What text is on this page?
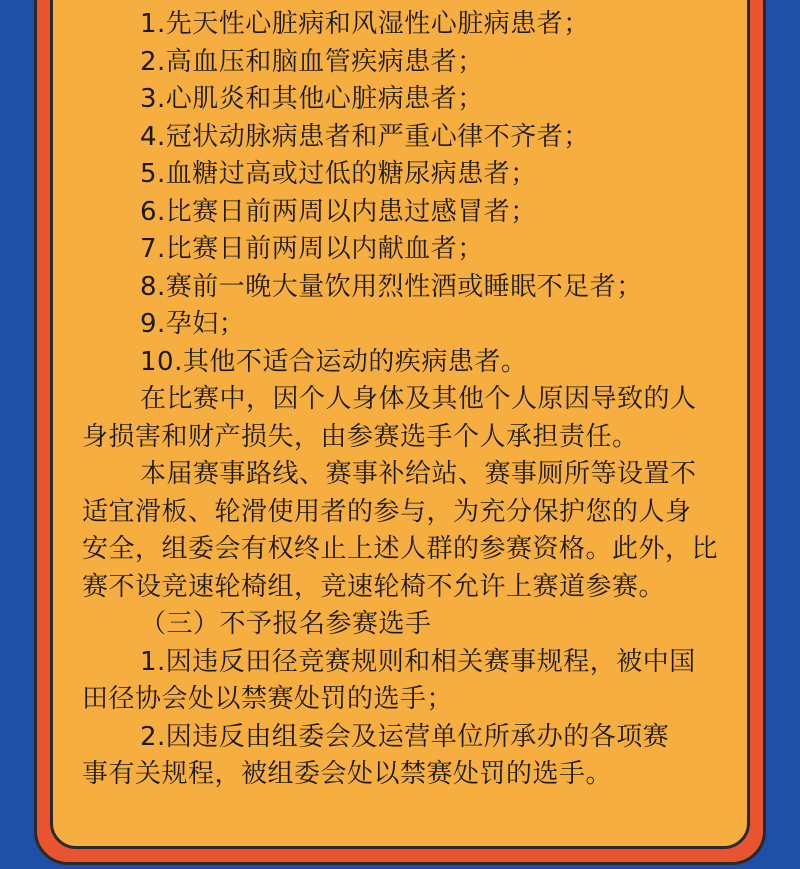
1.先天性心脏病和风湿性心脏病患者；

2.高血压和脑血管疾病患者；

3.心肌炎和其他心脏病患者；

4.冠状动脉病患者和严重心律不齐者；

5.血糖过高或过低的糖尿病患者；

6.比赛日前两周以内患过感冒者；

7.比赛日前两周以内献血者；

8.赛前一晚大量饮用烈性酒或睡眠不足者；

9.孕妇；

10.其他不适合运动的疾病患者。

在比赛中，因个人身体及其他个人原因导致的人

身损害和财产损失，由参赛选手个人承担责任。

本届赛事路线、赛事补给站、赛事厕所等设置不

适宜滑板、轮滑使用者的参与，为充分保护您的人身

安全，组委会有权终止上述人群的参赛资格。此外，比

赛不设竞速轮椅组，竞速轮椅不允许上赛道参赛。

（三）不予报名参赛选手

1.因违反田径竞赛规则和相关赛事规程，被中国

田径协会处以禁赛处罚的选手；

2.因违反由组委会及运营单位所承办的各项赛

事有关规程，被组委会处以禁赛处罚的选手。
